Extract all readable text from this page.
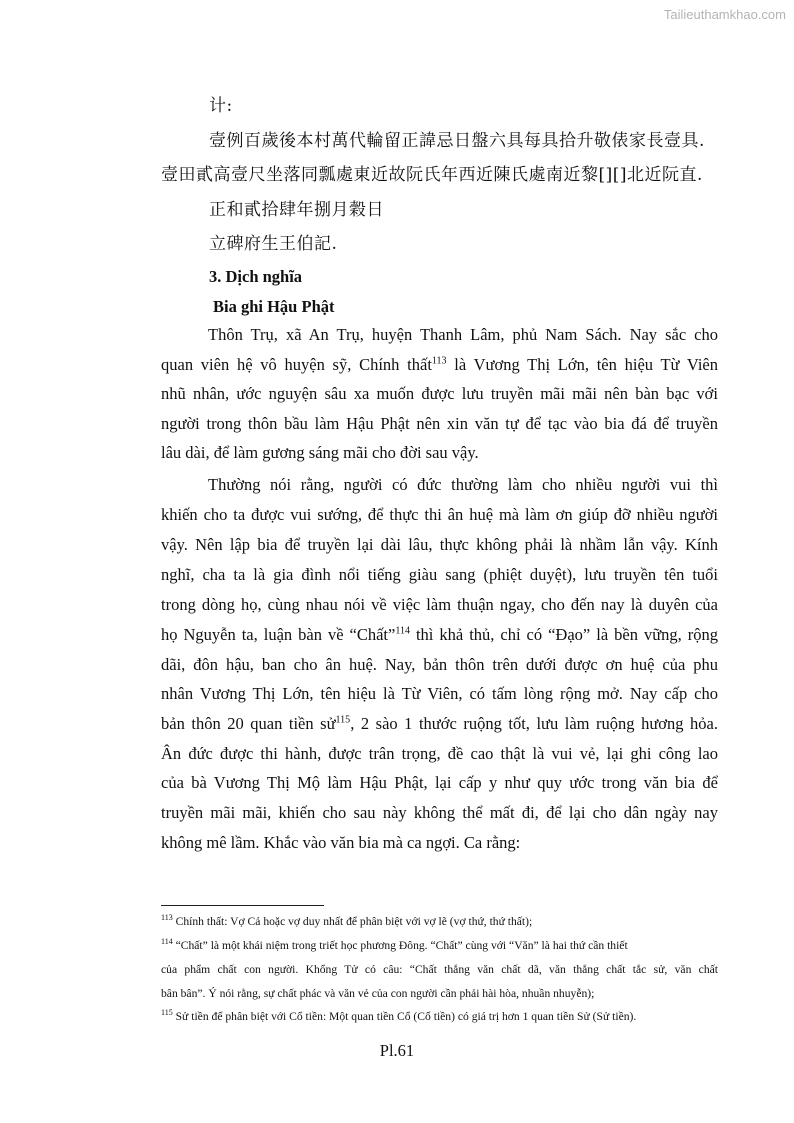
Tailieuthamkhao.com

计:

壹例百歲後本村萬代輪留正諱忌日盤六具每具拾升敬俵家長壹具.

壹田貳高壹尺坐落同瓢處東近故阮氏年西近陳氏處南近黎[][]北近阮直.

正和貳拾肆年捌月穀日

立碑府生王伯記.

3. Dịch nghĩa

Bia ghi Hậu Phật

Thôn Trụ, xã An Trụ, huyện Thanh Lâm, phủ Nam Sách. Nay sắc cho

quan viên hệ vô huyện sỹ, Chính thất$^{113}$ là Vương Thị Lớn, tên hiệu Từ Viên

nhũ nhân, ước nguyện sâu xa muốn được lưu truyền mãi mãi nên bàn bạc với

người trong thôn bầu làm Hậu Phật nên xin văn tự để tạc vào bia đá để truyền

lâu dài, để làm gương sáng mãi cho đời sau vậy.

Thường nói rằng, người có đức thường làm cho nhiều người vui thì

khiến cho ta được vui sướng, để thực thi ân huệ mà làm ơn giúp đỡ nhiều người

vậy. Nên lập bia để truyền lại dài lâu, thực không phải là nhầm lẫn vậy. Kính

nghĩ, cha ta là gia đình nổi tiếng giàu sang (phiệt duyệt), lưu truyền tên tuổi

trong dòng họ, cùng nhau nói về việc làm thuận ngay, cho đến nay là duyên của

họ Nguyễn ta, luận bàn về “Chất”$^{114}$ thì khả thủ, chỉ có “Đạo” là bền vững, rộng

dãi, đôn hậu, ban cho ân huệ. Nay, bản thôn trên dưới được ơn huệ của phu

nhân Vương Thị Lớn, tên hiệu là Từ Viên, có tấm lòng rộng mở. Nay cấp cho

bản thôn 20 quan tiền sử$^{115}$, 2 sào 1 thước ruộng tốt, lưu làm ruộng hương hỏa.

Ân đức được thi hành, được trân trọng, đề cao thật là vui vẻ, lại ghi công lao

của bà Vương Thị Mộ làm Hậu Phật, lại cấp y như quy ước trong văn bia để

truyền mãi mãi, khiến cho sau này không thể mất đi, để lại cho dân ngày nay

không mê lầm. Khắc vào văn bia mà ca ngợi. Ca rằng:

$^{113}$ Chính thất: Vợ Cả hoặc vợ duy nhất để phân biệt với vợ lẽ (vợ thứ, thứ thất);

$^{114}$ “Chất” là một khái niệm trong triết học phương Đông. “Chất” cùng với “Văn” là hai thứ cần thiết

của phẩm chất con người. Khổng Tử có câu: “Chất thắng văn chất dã, văn thắng chất tắc sử, văn chất

bân bân”. Ý nói rằng, sự chất phác và văn vẻ của con người cần phải hài hòa, nhuần nhuyễn);

$^{115}$ Sử tiền để phân biệt với Cổ tiền: Một quan tiền Cổ (Cổ tiền) có giá trị hơn 1 quan tiền Sử (Sử tiền).

Pl.61
